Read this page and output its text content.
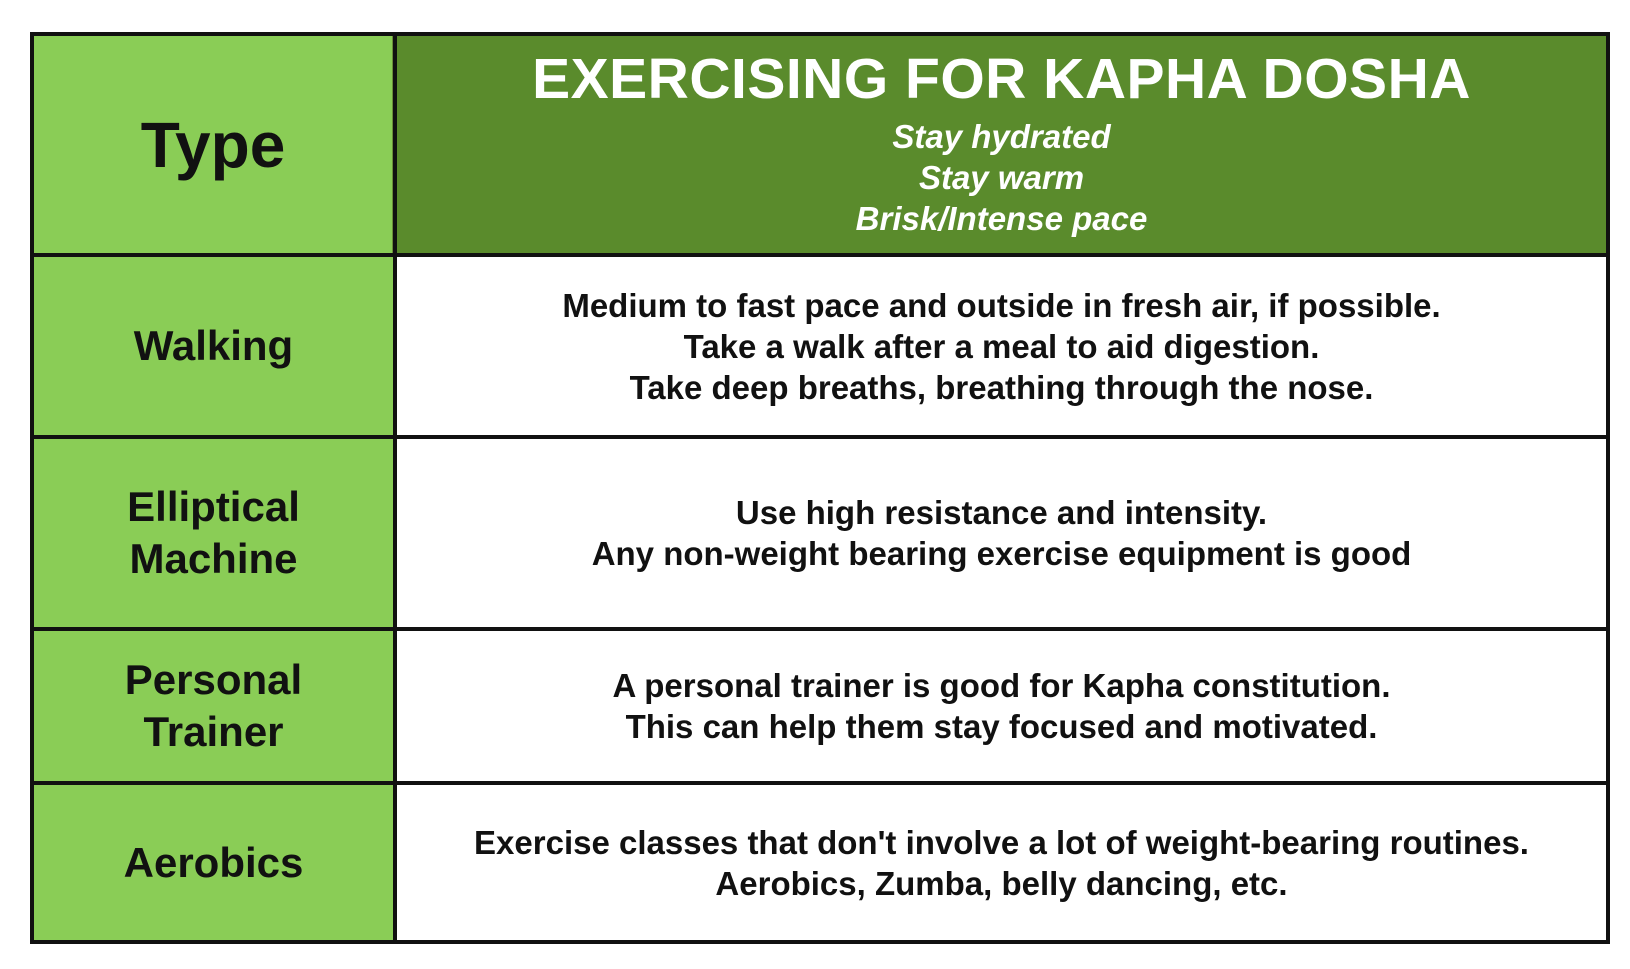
Type
EXERCISING FOR KAPHA DOSHA
Stay hydrated
Stay warm
Brisk/Intense pace
Walking
Medium to fast pace and outside in fresh air, if possible.
Take a walk after a meal to aid digestion.
Take deep breaths, breathing through the nose.
Elliptical
Machine
Use high resistance and intensity.
Any non-weight bearing exercise equipment is good
Personal
Trainer
A personal trainer is good for Kapha constitution.
This can help them stay focused and motivated.
Aerobics	Exercise classes that don't involve a lot of weight-bearing routines.
Aerobics, Zumba, belly dancing, etc.
